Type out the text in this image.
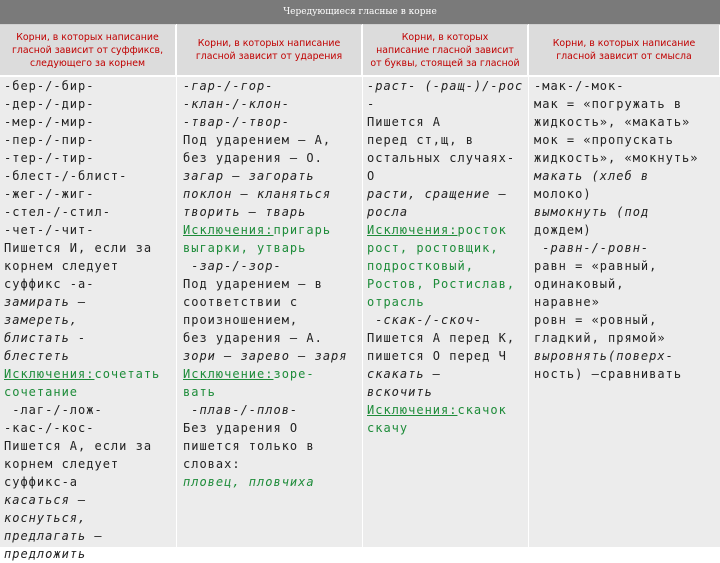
Чередующиеся гласные в корне
Корни, в которых написание
гласной зависит от суффиксв,
следующего за корнем
Корни, в которых написание
гласной зависит от ударения
Корни, в которых
написание гласной зависит
от буквы, стоящей за гласной
Корни, в которых написание
гласной зависит от смысла
-бер-/-бир-
-дер-/-дир-
-мер-/-мир-
-пер-/-пир-
-тер-/-тир-
-блест-/-блист-
-жег-/-жиг-
-стел-/-стил-
-чет-/-чит-
Пишется И, если за
корнем следует
суффикс -а-
замирать –
замереть,
блистать -
блестеть
Исключения:сочетать
сочетание
-лаг-/-лож-
-кас-/-кос-
Пишется А, если за
корнем следует
суффикс-а
касаться –
коснуться,
предлагать –
предложить
-гар-/-гор-
-клан-/-клон-
-твар-/-твор-
Под ударением – А,
без ударения – О.
загар – загорать
поклон – кланяться
творить – тварь
Исключения:пригарь
выгарки, утварь
-зар-/-зор-
Под ударением – в
соответствии с
произношением,
без ударения – А.
зори – зарево – заря
Исключение:зоре-
вать
-плав-/-плов-
Без ударения О
пишется только в
словах:
пловец, пловчиха
-раст- (-ращ-)/-рос
-
Пишется А
перед ст,щ, в
остальных случаях-
О
расти, сращение –
росла
Исключения:росток
рост, ростовщик,
подростковый,
Ростов, Ростислав,
отрасль
-скак-/-скоч-
Пишется А перед К,
пишется О перед Ч
скакать –
вскочить
Исключения:скачок
скачу
-мак-/-мок-
мак = «погружать в
жидкость», «макать»
мок = «пропускать
жидкость», «мокнуть»
макать (хлеб в
молоко)
вымокнуть (под
дождем)
-равн-/-ровн-
равн = «равный,
одинаковый,
наравне»
ровн = «ровный,
гладкий, прямой»
выровнять(поверх-
ность) –сравнивать
